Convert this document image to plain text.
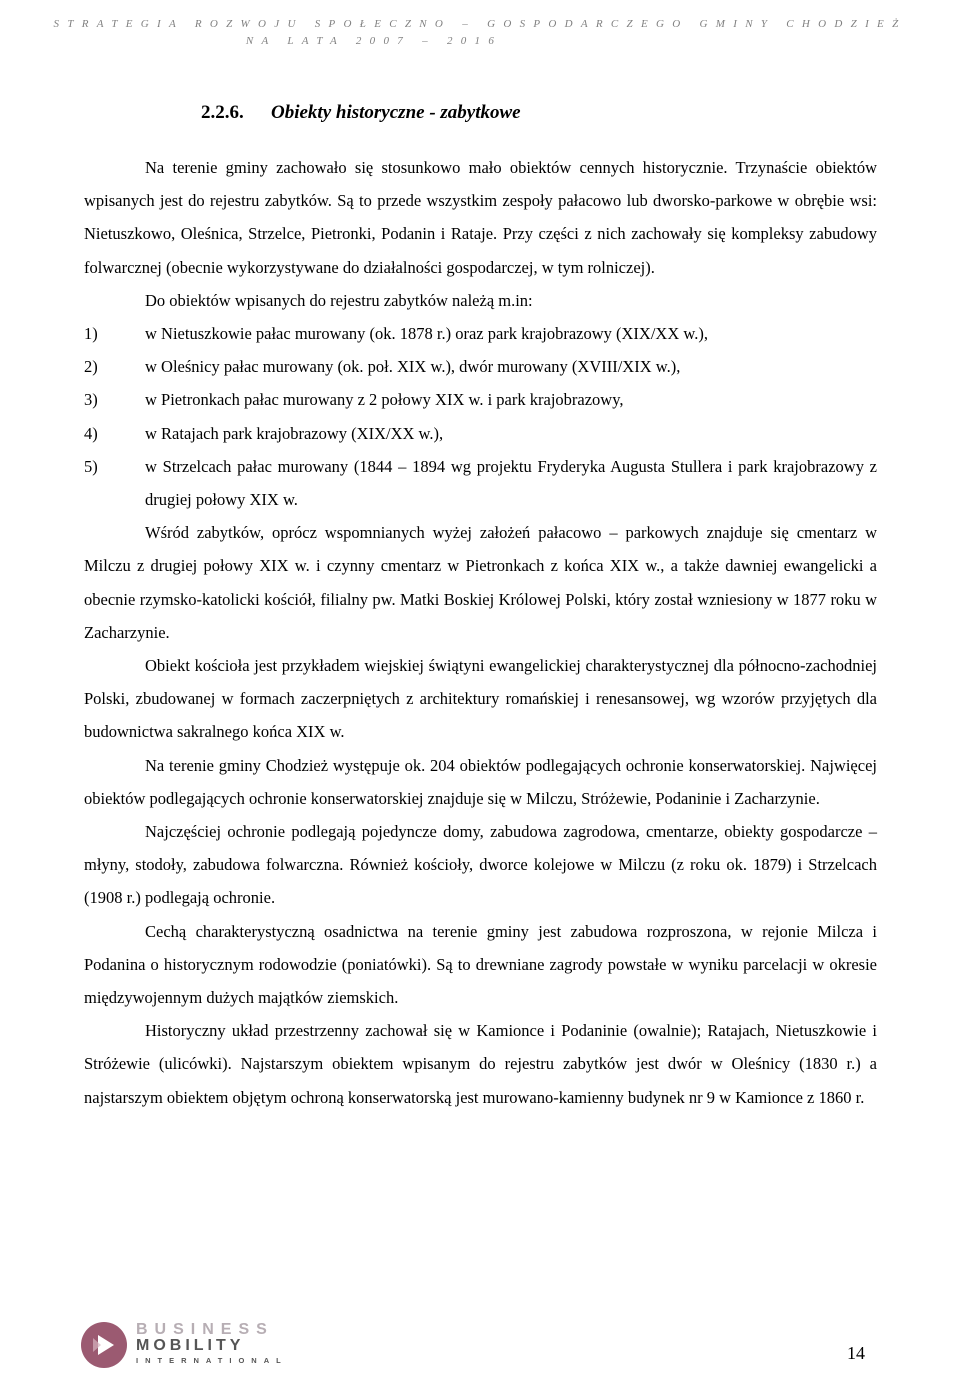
STRATEGIA ROZWOJU SPOŁECZNO – GOSPODARCZEGO GMINY CHODZIEŻ
NA LATA 2007 – 2016
2.2.6. Obiekty historyczne - zabytkowe

Na terenie gminy zachowało się stosunkowo mało obiektów cennych historycznie. Trzynaście obiektów wpisanych jest do rejestru zabytków. Są to przede wszystkim zespoły pałacowo lub dworsko-parkowe w obrębie wsi: Nietuszkowo, Oleśnica, Strzelce, Pietronki, Podanin i Rataje. Przy części z nich zachowały się kompleksy zabudowy folwarcznej (obecnie wykorzystywane do działalności gospodarczej, w tym rolniczej).

Do obiektów wpisanych do rejestru zabytków należą m.in:

1)	w Nietuszkowie pałac murowany (ok. 1878 r.) oraz park krajobrazowy (XIX/XX w.),
2)	w Oleśnicy pałac murowany (ok. poł. XIX w.), dwór murowany (XVIII/XIX w.),
3)	w Pietronkach pałac murowany z 2 połowy XIX w. i park krajobrazowy,
4)	w Ratajach park krajobrazowy (XIX/XX w.),
5)	w Strzelcach pałac murowany (1844 – 1894 wg projektu Fryderyka Augusta Stullera i park krajobrazowy z drugiej połowy XIX w.

Wśród zabytków, oprócz wspomnianych wyżej założeń pałacowo – parkowych znajduje się cmentarz w Milczu z drugiej połowy XIX w. i czynny cmentarz w Pietronkach z końca XIX w., a także dawniej ewangelicki a obecnie rzymsko-katolicki kościół, filialny pw. Matki Boskiej Królowej Polski, który został wzniesiony w 1877 roku w Zacharzynie.

Obiekt kościoła jest przykładem wiejskiej świątyni ewangelickiej charakterystycznej dla północno-zachodniej Polski, zbudowanej w formach zaczerpniętych z architektury romańskiej i renesansowej, wg wzorów przyjętych dla budownictwa sakralnego końca XIX w.

Na terenie gminy Chodzież występuje ok. 204 obiektów podlegających ochronie konserwatorskiej. Najwięcej obiektów podlegających ochronie konserwatorskiej znajduje się w Milczu, Stróżewie, Podaninie i Zacharzynie.

Najczęściej ochronie podlegają pojedyncze domy, zabudowa zagrodowa, cmentarze, obiekty gospodarcze – młyny, stodoły, zabudowa folwarczna. Również kościoły, dworce kolejowe w Milczu (z roku ok. 1879) i Strzelcach (1908 r.) podlegają ochronie.

Cechą charakterystyczną osadnictwa na terenie gminy jest zabudowa rozproszona, w rejonie Milcza i Podanina o historycznym rodowodzie (poniatówki). Są to drewniane zagrody powstałe w wyniku parcelacji w okresie międzywojennym dużych majątków ziemskich.

Historyczny układ przestrzenny zachował się w Kamionce i Podaninie (owalnie); Ratajach, Nietuszkowie i Stróżewie (ulicówki). Najstarszym obiektem wpisanym do rejestru zabytków jest dwór w Oleśnicy (1830 r.) a najstarszym obiektem objętym ochroną konserwatorską jest murowano-kamienny budynek nr 9 w Kamionce z 1860 r.

BUSINESS
MOBILITY
INTERNATIONAL	14
